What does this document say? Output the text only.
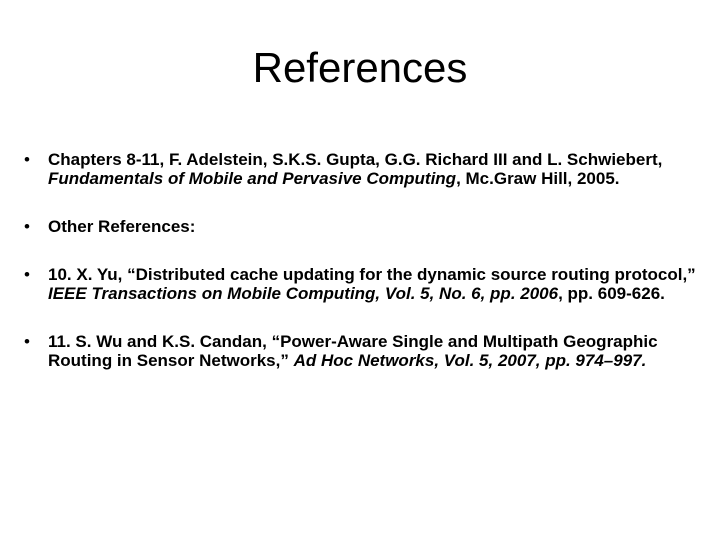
References
• Chapters 8-11, F. Adelstein, S.K.S. Gupta, G.G. Richard III and L. Schwiebert, Fundamentals of Mobile and Pervasive Computing, Mc.Graw Hill, 2005.
• Other References:
• 10. X. Yu, “Distributed cache updating for the dynamic source routing protocol,” IEEE Transactions on Mobile Computing, Vol. 5, No. 6, pp. 2006, pp. 609-626.
• 11. S. Wu and K.S. Candan, “Power-Aware Single and Multipath Geographic Routing in Sensor Networks,” Ad Hoc Networks, Vol. 5, 2007, pp. 974–997.
